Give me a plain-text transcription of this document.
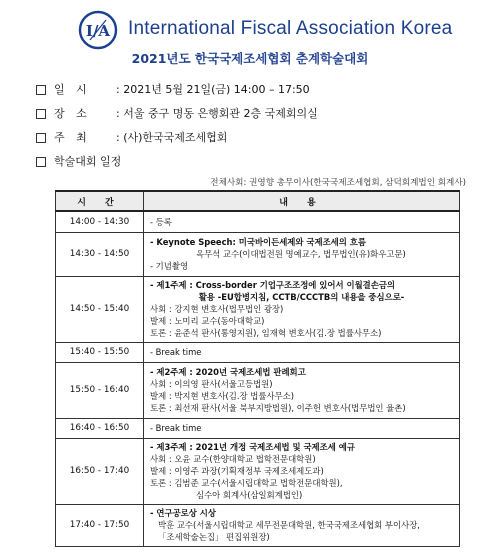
I/A International Fiscal Association Korea
2021년도 한국국제조세협회 춘계학술대회
일 시	: 2021년 5월 21일(금) 14:00 – 17:50
장 소	: 서울 중구 명동 은행회관 2층 국제회의실
주 최	: (사)한국국제조세협회
학술대회 일정
전체사회: 권영향 총무이사(한국국제조세협회, 삼덕회계법인 회계사)
시 간	내 용
14:00 - 14:30	- 등록

14:30 - 14:50	- Keynote Speech: 미국바이든세제와 국제조세의 흐름
옥무석 교수(이대법전원 명예교수, 법무법인(유)화우고문)
- 기념촬영

14:50 - 15:40	- 제1주제 : Cross-border 기업구조조정에 있어서 이월결손금의
활용 -EU합병지침, CCTB/CCCTB의 내용을 중심으로-
사회 : 강지현 변호사(법무법인 광장)
발제 : 노미리 교수(동아대학교)
토론 : 윤준석 판사(통영지원), 임재혁 변호사(김.장 법률사무소)

15:40 - 15:50	- Break time

15:50 - 16:40	- 제2주제 : 2020년 국제조세법 판례회고
사회 : 이의영 판사(서울고등법원)
발제 : 박지현 변호사(김.장 법률사무소)
토론 : 최선재 판사(서울 북부지방법원), 이주헌 변호사(법무법인 율촌)

16:40 - 16:50	- Break time

16:50 - 17:40	- 제3주제 : 2021년 개정 국제조세법 및 국제조세 예규
사회 : 오윤 교수(한양대학교 법학전문대학원)
발제 : 이영주 과장(기획재정부 국제조세제도과)
토론 : 김범준 교수(서울시립대학교 법학전문대학원),
심수아 회계사(삼일회계법인)

17:40 - 17:50	- 연구공로상 시상
박훈 교수(서울시립대학교 세무전문대학원, 한국국제조세협회 부이사장,
「조세학술논집」 편집위원장)
